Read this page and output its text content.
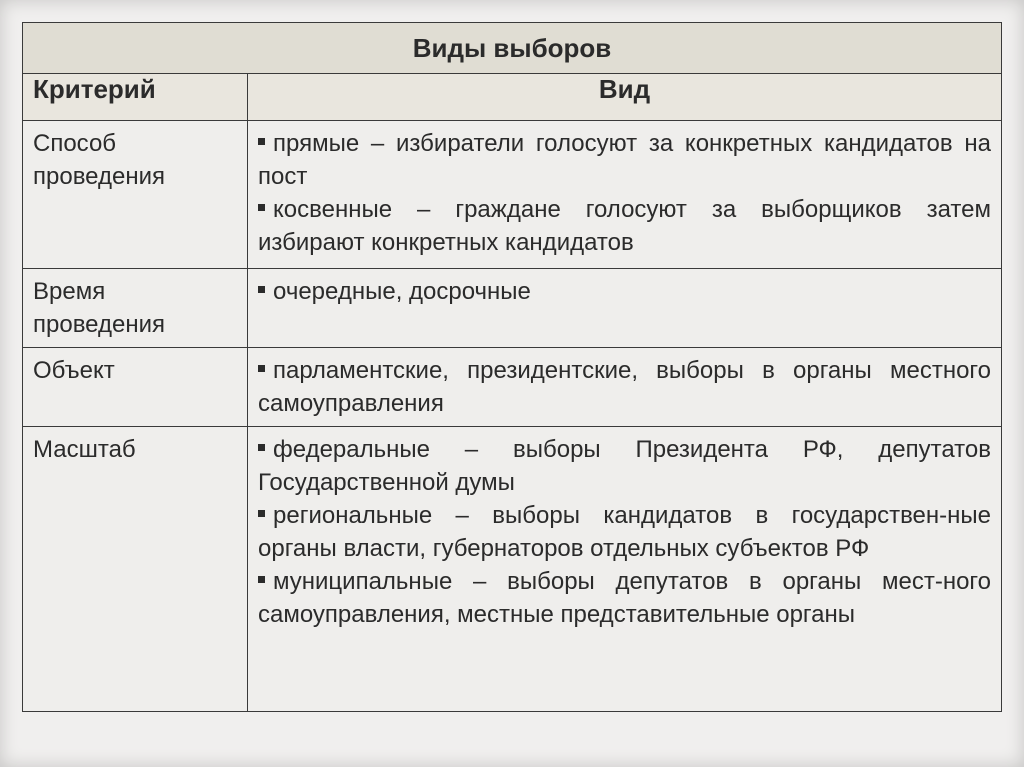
Виды выборов	
Критерий	Вид
Способ проведения	прямые – избиратели голосуют за конкретных кандидатов на пост

косвенные – граждане голосуют за выборщиков затем избирают конкретных кандидатов

Время проведения	очередные, досрочные

Объект	парламентские, президентские, выборы в органы местного самоуправления

Масштаб	федеральные – выборы Президента РФ, депутатов Государственной думы

региональные – выборы кандидатов в государствен-ные органы власти, губернаторов отдельных субъектов РФ

муниципальные – выборы депутатов в органы мест-ного самоуправления, местные представительные органы
